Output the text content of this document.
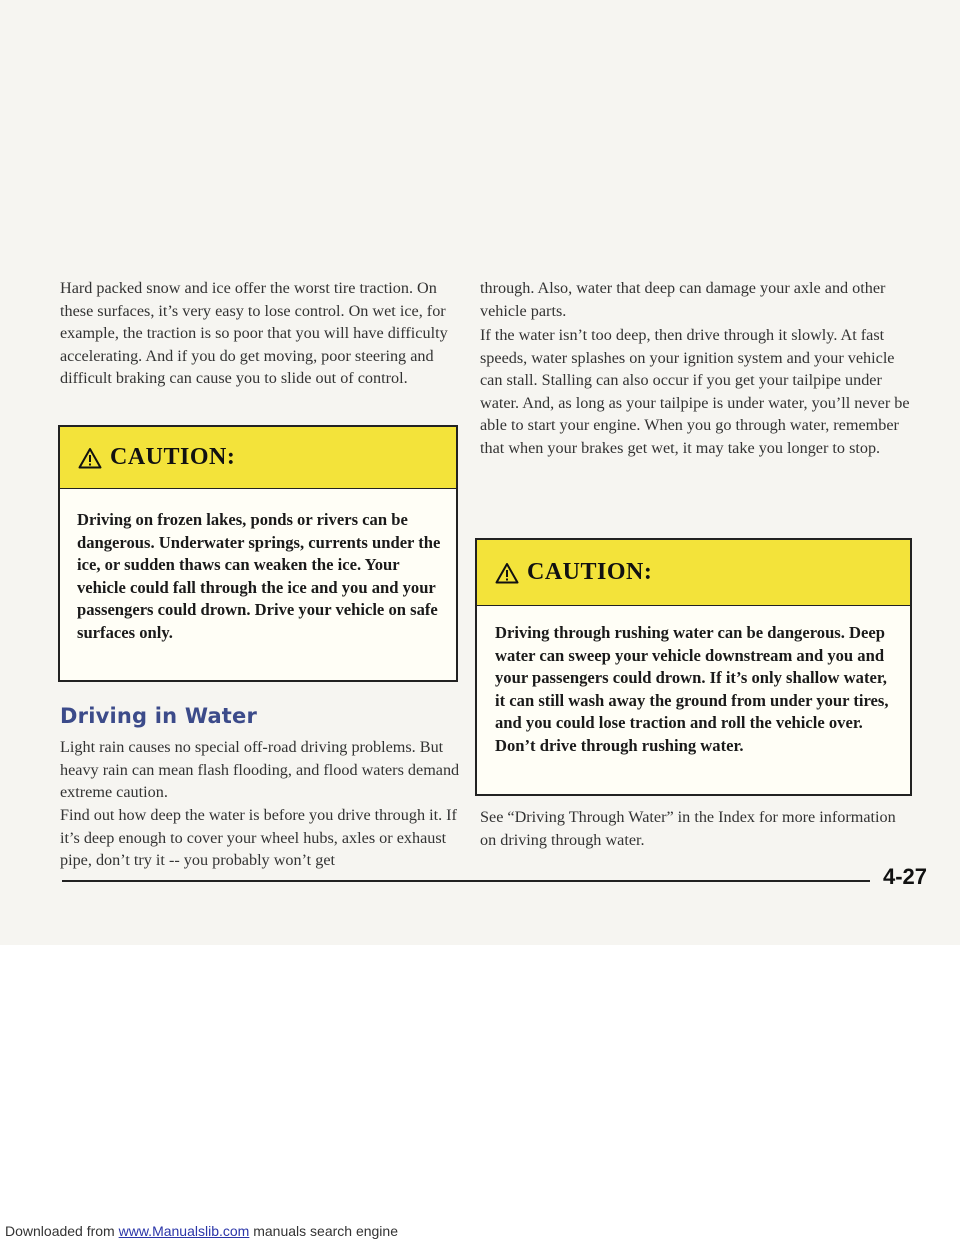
Hard packed snow and ice offer the worst tire traction. On these surfaces, it’s very easy to lose control. On wet ice, for example, the traction is so poor that you will have difficulty accelerating. And if you do get moving, poor steering and difficult braking can cause you to slide out of control.

CAUTION:

Driving on frozen lakes, ponds or rivers can be dangerous. Underwater springs, currents under the ice, or sudden thaws can weaken the ice. Your vehicle could fall through the ice and you and your passengers could drown. Drive your vehicle on safe surfaces only.

Driving in Water

Light rain causes no special off-road driving problems. But heavy rain can mean flash flooding, and flood waters demand extreme caution.

Find out how deep the water is before you drive through it. If it’s deep enough to cover your wheel hubs, axles or exhaust pipe, don’t try it -- you probably won’t get

through. Also, water that deep can damage your axle and other vehicle parts.

If the water isn’t too deep, then drive through it slowly. At fast speeds, water splashes on your ignition system and your vehicle can stall. Stalling can also occur if you get your tailpipe under water. And, as long as your tailpipe is under water, you’ll never be able to start your engine. When you go through water, remember that when your brakes get wet, it may take you longer to stop.

CAUTION:

Driving through rushing water can be dangerous. Deep water can sweep your vehicle downstream and you and your passengers could drown. If it’s only shallow water, it can still wash away the ground from under your tires, and you could lose traction and roll the vehicle over. Don’t drive through rushing water.

See “Driving Through Water” in the Index for more information on driving through water.

4-27

Downloaded from www.Manualslib.com manuals search engine
